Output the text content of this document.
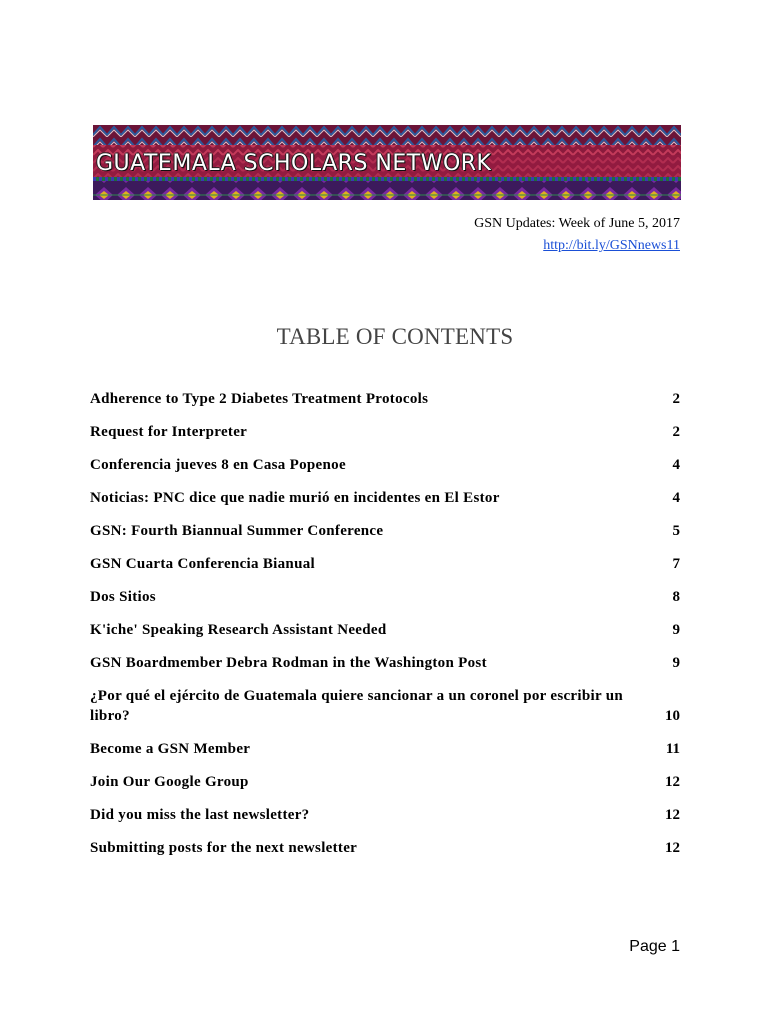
GUATEMALA SCHOLARS NETWORK
GSN Updates: Week of June 5, 2017
http://bit.ly/GSNnews11
TABLE OF CONTENTS
Adherence to Type 2 Diabetes Treatment Protocols	2
Request for Interpreter	2
Conferencia jueves 8 en Casa Popenoe	4
Noticias: PNC dice que nadie murió en incidentes en El Estor	4
GSN: Fourth Biannual Summer Conference	5
GSN Cuarta Conferencia Bianual	7
Dos Sitios	8
K'iche' Speaking Research Assistant Needed	9
GSN Boardmember Debra Rodman in the Washington Post	9
¿Por qué el ejército de Guatemala quiere sancionar a un coronel por escribir un libro?	10
Become a GSN Member	11
Join Our Google Group	12
Did you miss the last newsletter?	12
Submitting posts for the next newsletter	12
Page 1
